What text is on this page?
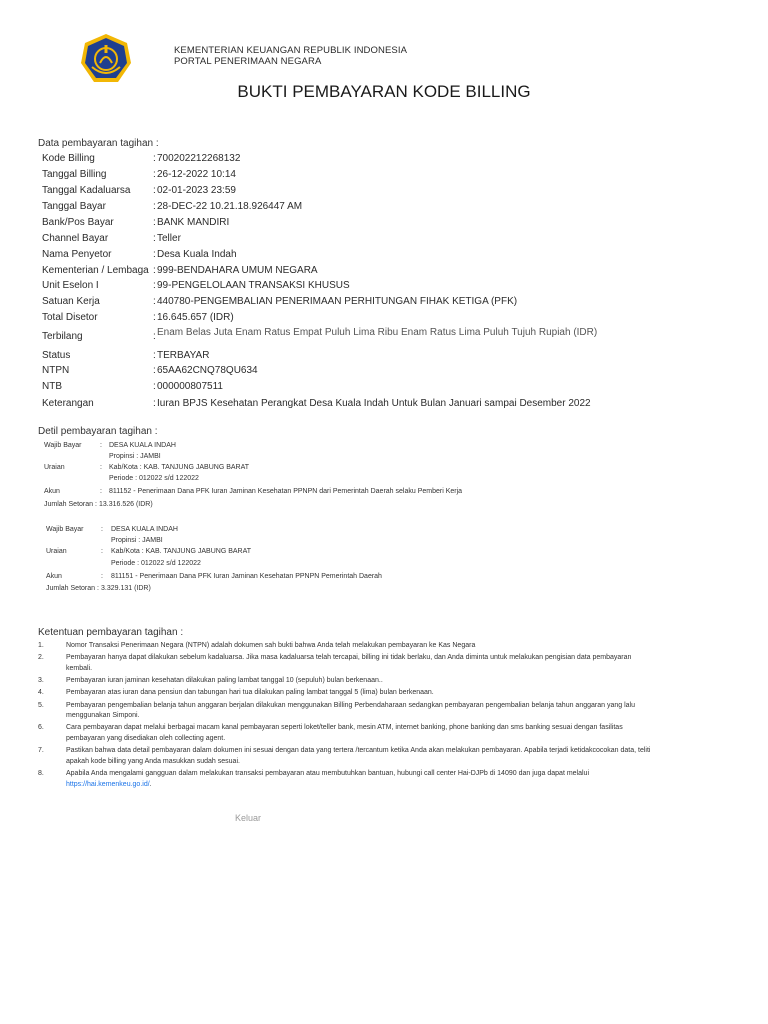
KEMENTERIAN KEUANGAN REPUBLIK INDONESIA
PORTAL PENERIMAAN NEGARA
BUKTI PEMBAYARAN KODE BILLING
Data pembayaran tagihan :
Kode Billing	:700202212268132
Tanggal Billing	:26-12-2022 10:14
Tanggal Kadaluarsa :02-01-2023 23:59
Tanggal Bayar	:28-DEC-22 10.21.18.926447 AM
Bank/Pos Bayar	:BANK MANDIRI
Channel Bayar	:Teller
Nama Penyetor	:Desa Kuala Indah
Kementerian / Lembaga :999-BENDAHARA UMUM NEGARA
Unit Eselon I	:99-PENGELOLAAN TRANSAKSI KHUSUS
Satuan Kerja	:440780-PENGEMBALIAN PENERIMAAN PERHITUNGAN FIHAK KETIGA (PFK)
Total Disetor	:16.645.657 (IDR)
Terbilang	:Enam Belas Juta Enam Ratus Empat Puluh Lima Ribu Enam Ratus Lima Puluh Tujuh Rupiah (IDR)
Status	:TERBAYAR
NTPN	:65AA62CNQ78QU634
NTB	:000000807511
Keterangan	:Iuran BPJS Kesehatan Perangkat Desa Kuala Indah Untuk Bulan Januari sampai Desember 2022
Detil pembayaran tagihan :
Wajib Bayar	: DESA KUALA INDAH
Propinsi : JAMBI
Uraian	: Kab/Kota : KAB. TANJUNG JABUNG BARAT
Periode : 012022 s/d 122022
Akun	: 811152 - Penerimaan Dana PFK Iuran Jaminan Kesehatan PPNPN dari Pemerintah Daerah selaku Pemberi Kerja
Jumlah Setoran : 13.316.526 (IDR)
Wajib Bayar	: DESA KUALA INDAH
Propinsi : JAMBI
Uraian	: Kab/Kota : KAB. TANJUNG JABUNG BARAT
Periode : 012022 s/d 122022
Akun	: 811151 - Penerimaan Dana PFK Iuran Jaminan Kesehatan PPNPN Pemerintah Daerah
Jumlah Setoran : 3.329.131 (IDR)
Ketentuan pembayaran tagihan :
1.	Nomor Transaksi Penerimaan Negara (NTPN) adalah dokumen sah bukti bahwa Anda telah melakukan pembayaran ke Kas Negara
2.	Pembayaran hanya dapat dilakukan sebelum kadaluarsa. Jika masa kadaluarsa telah tercapai, billing ini tidak berlaku, dan Anda diminta untuk melakukan pengisian data pembayaran kembali.
3.	Pembayaran iuran jaminan kesehatan dilakukan paling lambat tanggal 10 (sepuluh) bulan berkenaan..
4.	Pembayaran atas iuran dana pensiun dan tabungan hari tua dilakukan paling lambat tanggal 5 (lima) bulan berkenaan.
5.	Pembayaran pengembalian belanja tahun anggaran berjalan dilakukan menggunakan Billing Perbendaharaan sedangkan pembayaran pengembalian belanja tahun anggaran yang lalu menggunakan Simponi.
6.	Cara pembayaran dapat melalui berbagai macam kanal pembayaran seperti loket/teller bank, mesin ATM, internet banking, phone banking dan sms banking sesuai dengan fasilitas pembayaran yang disediakan oleh collecting agent.
7.	Pastikan bahwa data detail pembayaran dalam dokumen ini sesuai dengan data yang tertera /tercantum ketika Anda akan melakukan pembayaran. Apabila terjadi ketidakcocokan data, teliti apakah kode billing yang Anda masukkan sudah sesuai.
8.	Apabila Anda mengalami gangguan dalam melakukan transaksi pembayaran atau membutuhkan bantuan, hubungi call center Hai-DJPb di 14090 dan juga dapat melalui https://hai.kemenkeu.go.id/.
Keluar
